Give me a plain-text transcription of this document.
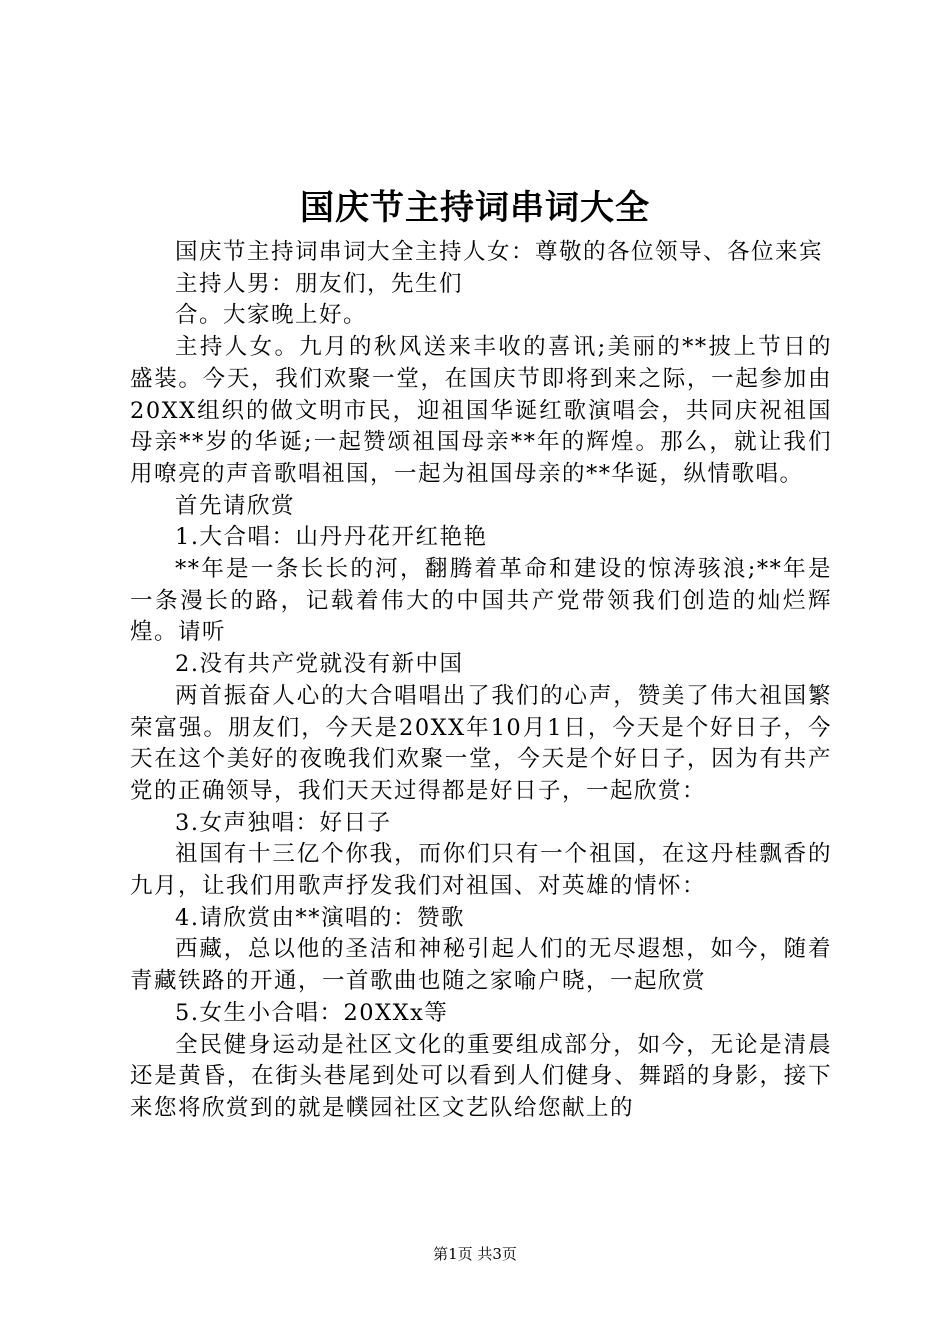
国庆节主持词串词大全

国庆节主持词串词大全主持人女：尊敬的各位领导、各位来宾

主持人男：朋友们，先生们

合。大家晚上好。

主持人女。九月的秋风送来丰收的喜讯;美丽的**披上节日的盛装。今天，我们欢聚一堂，在国庆节即将到来之际，一起参加由20XX组织的做文明市民，迎祖国华诞红歌演唱会，共同庆祝祖国母亲**岁的华诞;一起赞颂祖国母亲**年的辉煌。那么，就让我们用嘹亮的声音歌唱祖国，一起为祖国母亲的**华诞，纵情歌唱。

首先请欣赏

1.大合唱：山丹丹花开红艳艳

**年是一条长长的河，翻腾着革命和建设的惊涛骇浪;**年是一条漫长的路，记载着伟大的中国共产党带领我们创造的灿烂辉煌。请听

2.没有共产党就没有新中国

两首振奋人心的大合唱唱出了我们的心声，赞美了伟大祖国繁荣富强。朋友们，今天是20XX年10月1日，今天是个好日子，今天在这个美好的夜晚我们欢聚一堂，今天是个好日子，因为有共产党的正确领导，我们天天过得都是好日子，一起欣赏：

3.女声独唱：好日子

祖国有十三亿个你我，而你们只有一个祖国，在这丹桂飘香的九月，让我们用歌声抒发我们对祖国、对英雄的情怀：

4.请欣赏由**演唱的：赞歌

西藏，总以他的圣洁和神秘引起人们的无尽遐想，如今，随着青藏铁路的开通，一首歌曲也随之家喻户晓，一起欣赏

5.女生小合唱：20XXx等

全民健身运动是社区文化的重要组成部分，如今，无论是清晨还是黄昏，在街头巷尾到处可以看到人们健身、舞蹈的身影，接下来您将欣赏到的就是幞园社区文艺队给您献上的

第1页 共3页
